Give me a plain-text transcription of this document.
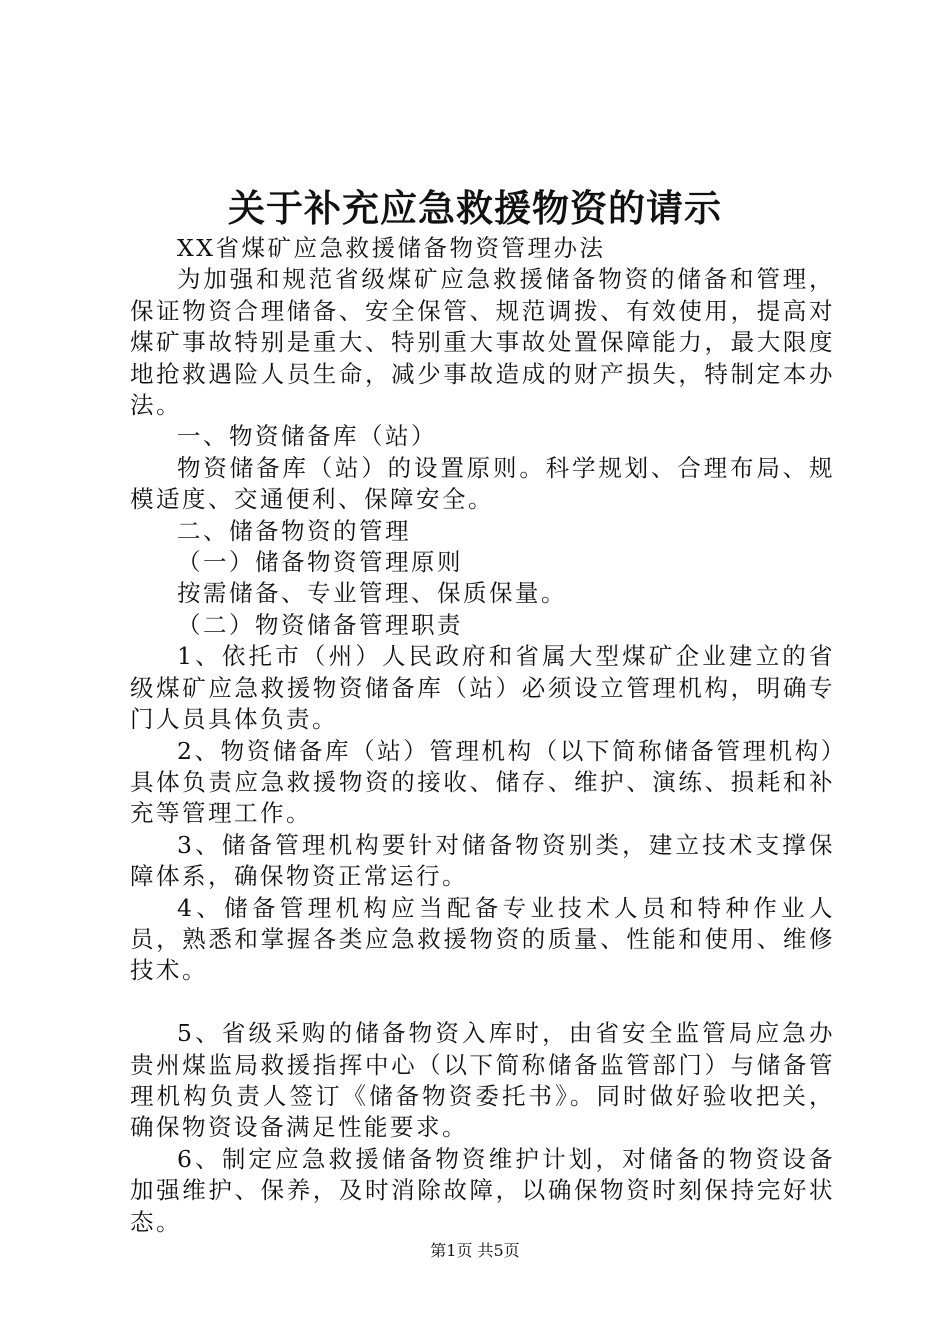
关于补充应急救援物资的请示

XX省煤矿应急救援储备物资管理办法

为加强和规范省级煤矿应急救援储备物资的储备和管理，保证物资合理储备、安全保管、规范调拨、有效使用，提高对煤矿事故特别是重大、特别重大事故处置保障能力，最大限度地抢救遇险人员生命，减少事故造成的财产损失，特制定本办法。

一、物资储备库（站）

物资储备库（站）的设置原则。科学规划、合理布局、规模适度、交通便利、保障安全。

二、储备物资的管理

（一）储备物资管理原则

按需储备、专业管理、保质保量。

（二）物资储备管理职责

1、依托市（州）人民政府和省属大型煤矿企业建立的省级煤矿应急救援物资储备库（站）必须设立管理机构，明确专门人员具体负责。

2、物资储备库（站）管理机构（以下简称储备管理机构）具体负责应急救援物资的接收、储存、维护、演练、损耗和补充等管理工作。

3、储备管理机构要针对储备物资别类，建立技术支撑保障体系，确保物资正常运行。

4、储备管理机构应当配备专业技术人员和特种作业人员，熟悉和掌握各类应急救援物资的质量、性能和使用、维修技术。

5、省级采购的储备物资入库时，由省安全监管局应急办贵州煤监局救援指挥中心（以下简称储备监管部门）与储备管理机构负责人签订《储备物资委托书》。同时做好验收把关，确保物资设备满足性能要求。

6、制定应急救援储备物资维护计划，对储备的物资设备加强维护、保养，及时消除故障，以确保物资时刻保持完好状态。

第1页 共5页
